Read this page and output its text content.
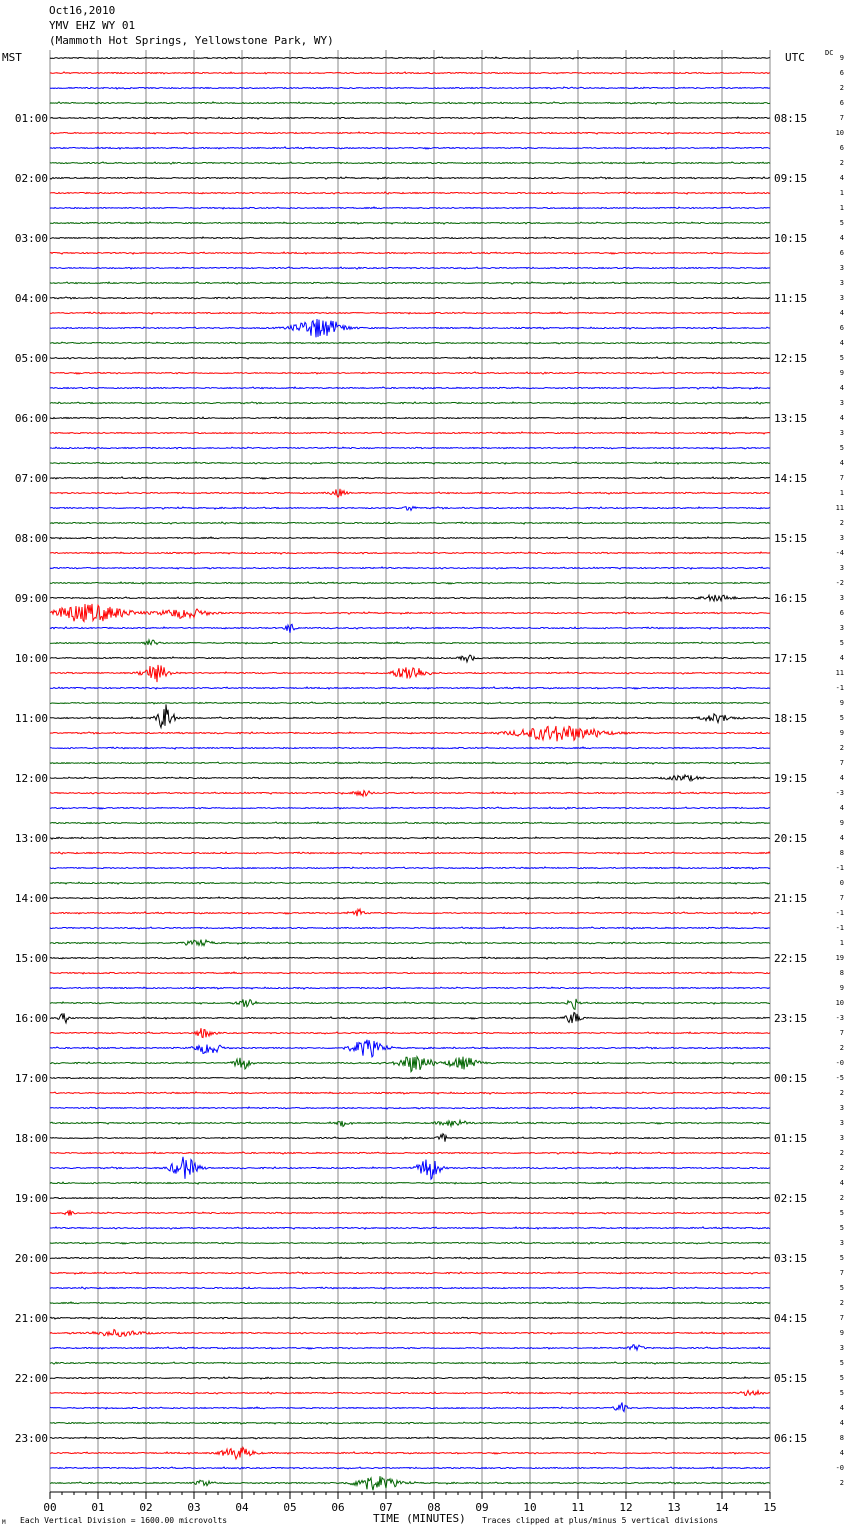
Oct16,2010
YMV EHZ WY 01
(Mammoth Hot Springs, Yellowstone Park, WY)
MST	UTC	DC
01:00
02:00
03:00
04:00
05:00
06:00
07:00
08:00
09:00
10:00
11:00
12:00
13:00
14:00
15:00
16:00
17:00
18:00
19:00
20:00
21:00
22:00
23:00
08:15
09:15
10:15
11:15
12:15
13:15
14:15
15:15
16:15
17:15
18:15
19:15
20:15
21:15
22:15
23:15
00:15
01:15
02:15
03:15
04:15
05:15
06:15
9
6
2
6
7
10
6
2
4
1
1
5
4
6
3
3
3
4
6
4
5
9
4
3
4
3
5
4
7
1
11
2
3
-4
3
-2
3
6
3
5
4
11
-1
9
5
9
2
7
4
-3
4
9
4
8
-1
0
7
-1
-1
1
19
8
9
10
-3
7
2
-0
-5
2
3
3
3
2
2
4
2
5
5
3
5
7
5
2
7
9
3
5
5
5
4
4
8
4
-0
2
00	01	02	03	04	05	06	07	08	09	10	11	12	13	14	15
M Each Vertical Division = 1600.00 microvolts	TIME (MINUTES) Traces clipped at plus/minus 5 vertical divisions
